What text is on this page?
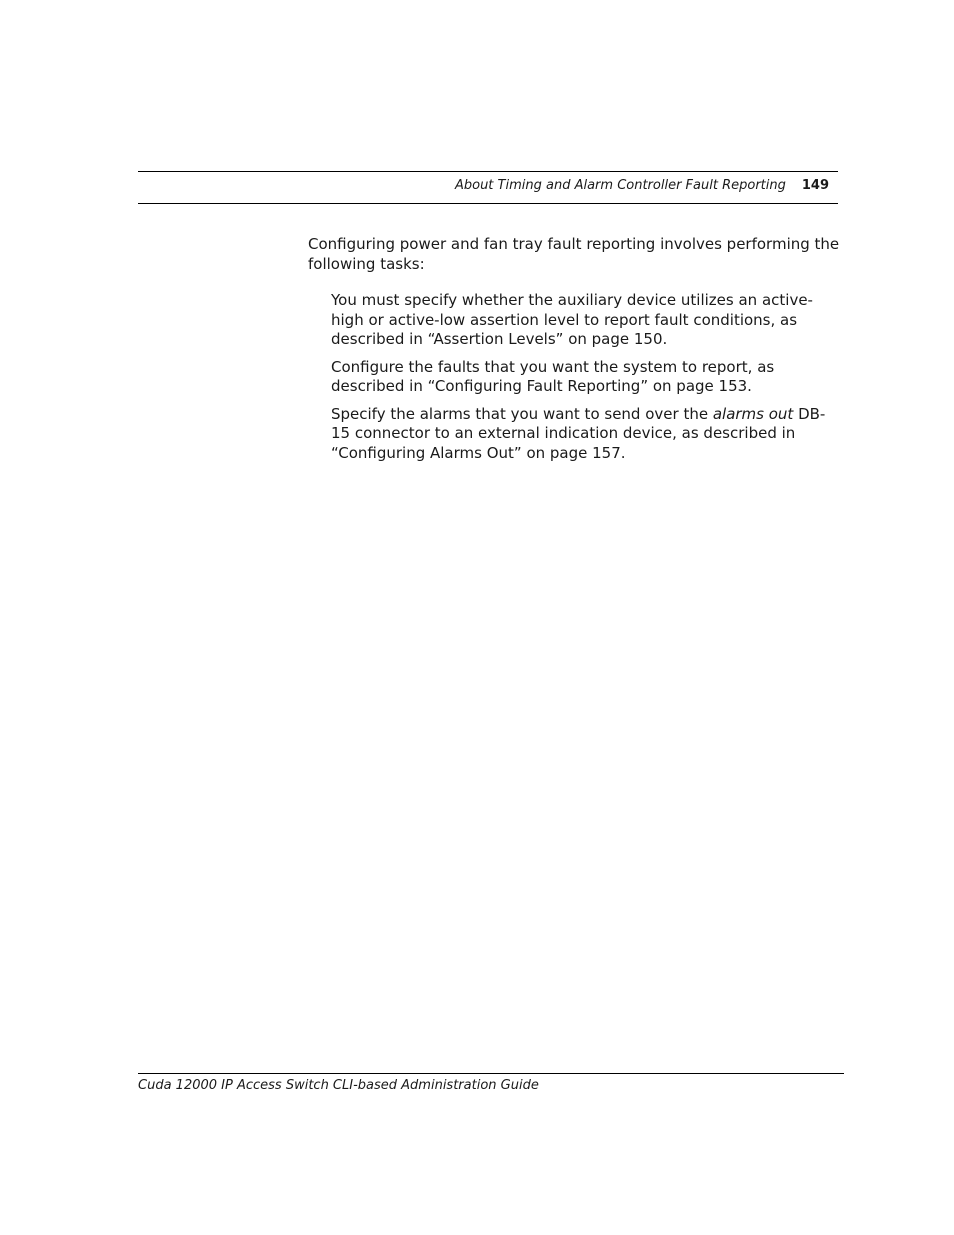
About Timing and Alarm Controller Fault Reporting 149

Configuring power and fan tray fault reporting involves performing the following tasks:

You must specify whether the auxiliary device utilizes an active-high or active-low assertion level to report fault conditions, as described in “Assertion Levels” on page 150.
Configure the faults that you want the system to report, as described in “Configuring Fault Reporting” on page 153.
Specify the alarms that you want to send over the alarms out DB-15 connector to an external indication device, as described in “Configuring Alarms Out” on page 157.
Cuda 12000 IP Access Switch CLI-based Administration Guide
